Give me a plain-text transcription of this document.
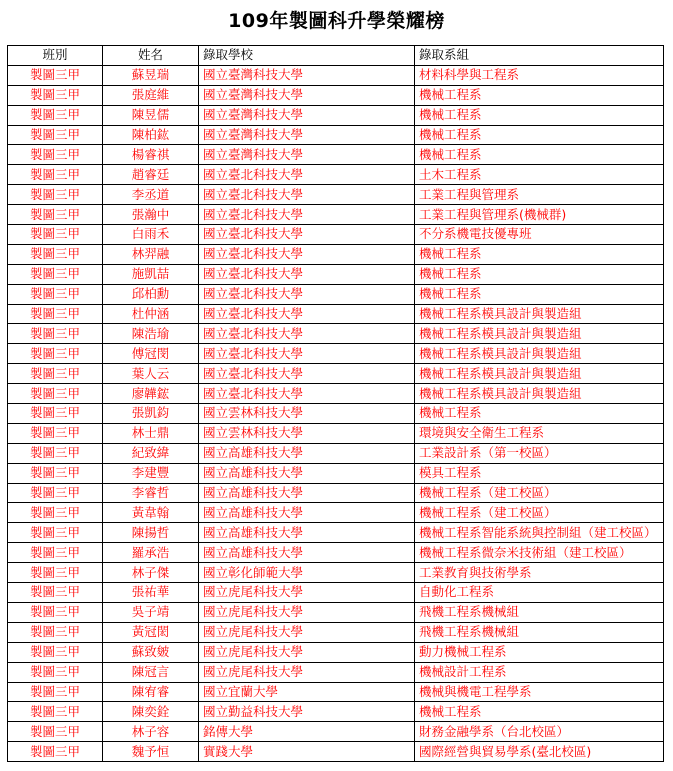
109年製圖科升學榮耀榜
班別	姓名	錄取學校	錄取系組
製圖三甲	蘇昱瑞	國立臺灣科技大學	材料科學與工程系
製圖三甲	張庭維	國立臺灣科技大學	機械工程系
製圖三甲	陳昱儒	國立臺灣科技大學	機械工程系
製圖三甲	陳柏鈜	國立臺灣科技大學	機械工程系
製圖三甲	楊睿祺	國立臺灣科技大學	機械工程系
製圖三甲	趙睿廷	國立臺北科技大學	土木工程系
製圖三甲	李丞道	國立臺北科技大學	工業工程與管理系
製圖三甲	張瀚中	國立臺北科技大學	工業工程與管理系(機械群)
製圖三甲	白雨禾	國立臺北科技大學	不分系機電技優專班
製圖三甲	林羿融	國立臺北科技大學	機械工程系
製圖三甲	施凱喆	國立臺北科技大學	機械工程系
製圖三甲	邱柏勳	國立臺北科技大學	機械工程系
製圖三甲	杜仲涵	國立臺北科技大學	機械工程系模具設計與製造組
製圖三甲	陳浩瑜	國立臺北科技大學	機械工程系模具設計與製造組
製圖三甲	傅冠閔	國立臺北科技大學	機械工程系模具設計與製造組
製圖三甲	葉人云	國立臺北科技大學	機械工程系模具設計與製造組
製圖三甲	廖韡鋐	國立臺北科技大學	機械工程系模具設計與製造組
製圖三甲	張凱鈞	國立雲林科技大學	機械工程系
製圖三甲	林士鼎	國立雲林科技大學	環境與安全衛生工程系
製圖三甲	紀致緯	國立高雄科技大學	工業設計系（第一校區）
製圖三甲	李建豐	國立高雄科技大學	模具工程系
製圖三甲	李睿哲	國立高雄科技大學	機械工程系（建工校區）
製圖三甲	黃韋翰	國立高雄科技大學	機械工程系（建工校區）
製圖三甲	陳揚哲	國立高雄科技大學	機械工程系智能系統與控制組（建工校區）
製圖三甲	羅承浩	國立高雄科技大學	機械工程系微奈米技術組（建工校區）
製圖三甲	林子傑	國立彰化師範大學	工業教育與技術學系
製圖三甲	張祐華	國立虎尾科技大學	自動化工程系
製圖三甲	吳子靖	國立虎尾科技大學	飛機工程系機械組
製圖三甲	黃冠閎	國立虎尾科技大學	飛機工程系機械組
製圖三甲	蘇致皴	國立虎尾科技大學	動力機械工程系
製圖三甲	陳冠言	國立虎尾科技大學	機械設計工程系
製圖三甲	陳宥睿	國立宜蘭大學	機械與機電工程學系
製圖三甲	陳奕銓	國立勤益科技大學	機械工程系
製圖三甲	林子容	銘傳大學	財務金融學系（台北校區）
製圖三甲	魏予恒	實踐大學	國際經營與貿易學系(臺北校區)
